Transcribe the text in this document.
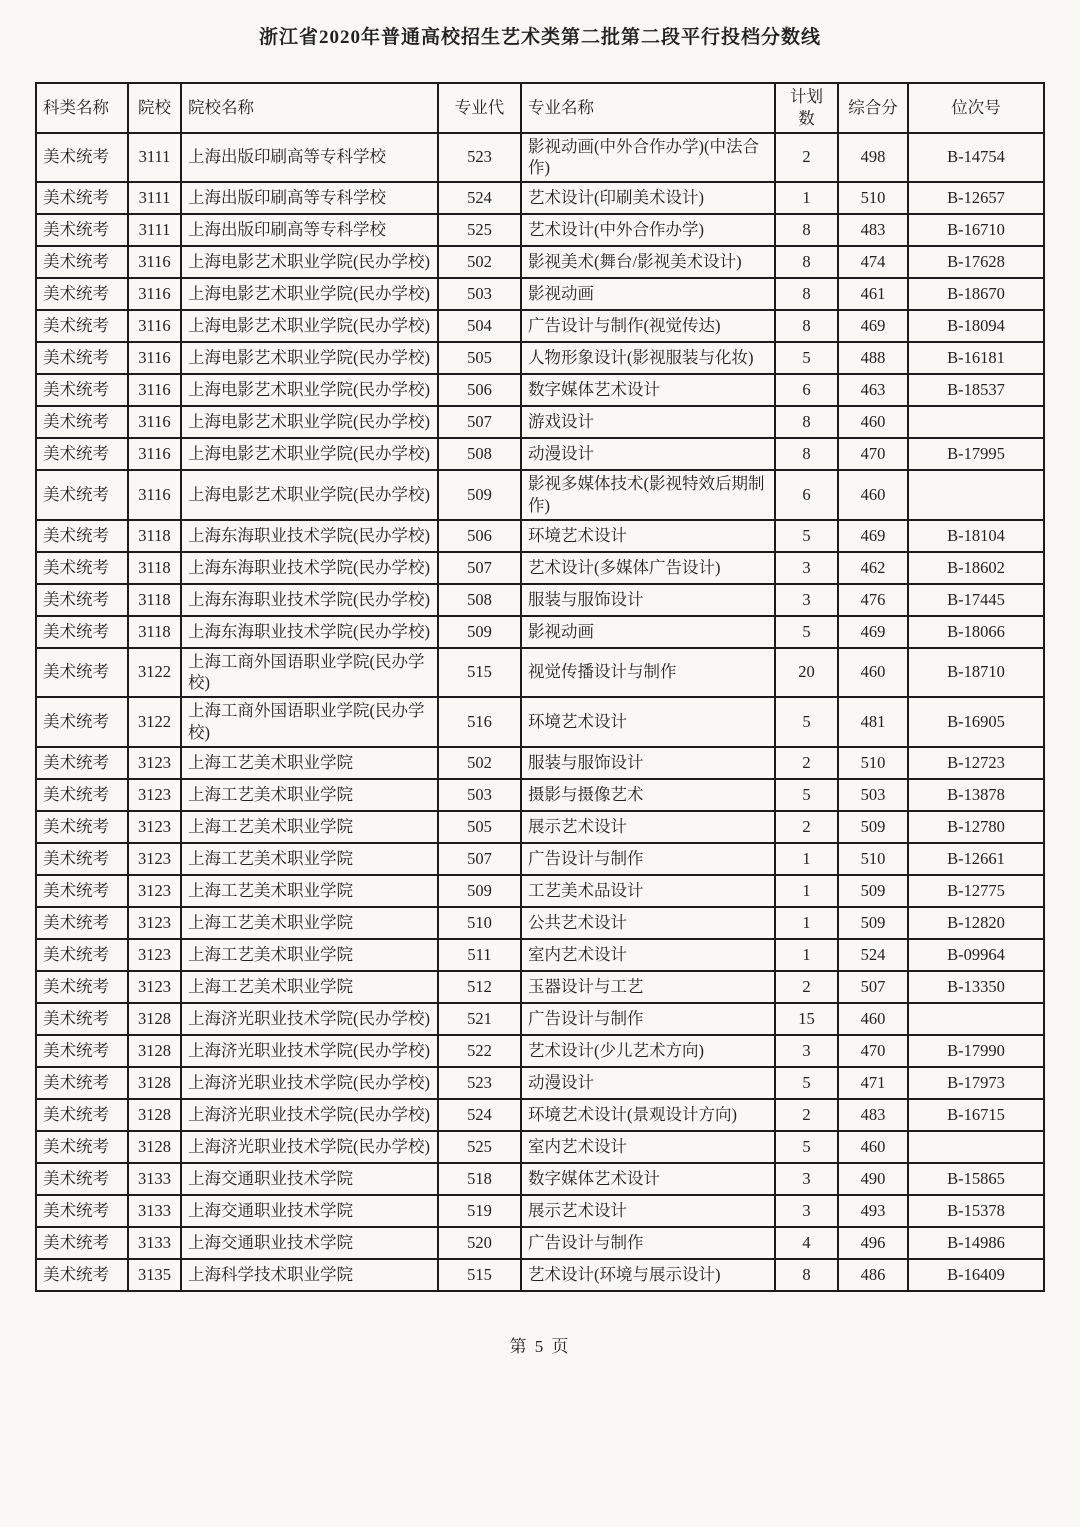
浙江省2020年普通高校招生艺术类第二批第二段平行投档分数线
科类名称	院校	院校名称	专业代	专业名称	计划数	综合分	位次号
美术统考	3111	上海出版印刷高等专科学校	523	影视动画(中外合作办学)(中法合作)	2	498	B-14754
美术统考	3111	上海出版印刷高等专科学校	524	艺术设计(印刷美术设计)	1	510	B-12657
美术统考	3111	上海出版印刷高等专科学校	525	艺术设计(中外合作办学)	8	483	B-16710
美术统考	3116	上海电影艺术职业学院(民办学校)	502	影视美术(舞台/影视美术设计)	8	474	B-17628
美术统考	3116	上海电影艺术职业学院(民办学校)	503	影视动画	8	461	B-18670
美术统考	3116	上海电影艺术职业学院(民办学校)	504	广告设计与制作(视觉传达)	8	469	B-18094
美术统考	3116	上海电影艺术职业学院(民办学校)	505	人物形象设计(影视服装与化妆)	5	488	B-16181
美术统考	3116	上海电影艺术职业学院(民办学校)	506	数字媒体艺术设计	6	463	B-18537
美术统考	3116	上海电影艺术职业学院(民办学校)	507	游戏设计	8	460	
美术统考	3116	上海电影艺术职业学院(民办学校)	508	动漫设计	8	470	B-17995
美术统考	3116	上海电影艺术职业学院(民办学校)	509	影视多媒体技术(影视特效后期制作)	6	460	
美术统考	3118	上海东海职业技术学院(民办学校)	506	环境艺术设计	5	469	B-18104
美术统考	3118	上海东海职业技术学院(民办学校)	507	艺术设计(多媒体广告设计)	3	462	B-18602
美术统考	3118	上海东海职业技术学院(民办学校)	508	服装与服饰设计	3	476	B-17445
美术统考	3118	上海东海职业技术学院(民办学校)	509	影视动画	5	469	B-18066
美术统考	3122	上海工商外国语职业学院(民办学校)	515	视觉传播设计与制作	20	460	B-18710
美术统考	3122	上海工商外国语职业学院(民办学校)	516	环境艺术设计	5	481	B-16905
美术统考	3123	上海工艺美术职业学院	502	服装与服饰设计	2	510	B-12723
美术统考	3123	上海工艺美术职业学院	503	摄影与摄像艺术	5	503	B-13878
美术统考	3123	上海工艺美术职业学院	505	展示艺术设计	2	509	B-12780
美术统考	3123	上海工艺美术职业学院	507	广告设计与制作	1	510	B-12661
美术统考	3123	上海工艺美术职业学院	509	工艺美术品设计	1	509	B-12775
美术统考	3123	上海工艺美术职业学院	510	公共艺术设计	1	509	B-12820
美术统考	3123	上海工艺美术职业学院	511	室内艺术设计	1	524	B-09964
美术统考	3123	上海工艺美术职业学院	512	玉器设计与工艺	2	507	B-13350
美术统考	3128	上海济光职业技术学院(民办学校)	521	广告设计与制作	15	460	
美术统考	3128	上海济光职业技术学院(民办学校)	522	艺术设计(少儿艺术方向)	3	470	B-17990
美术统考	3128	上海济光职业技术学院(民办学校)	523	动漫设计	5	471	B-17973
美术统考	3128	上海济光职业技术学院(民办学校)	524	环境艺术设计(景观设计方向)	2	483	B-16715
美术统考	3128	上海济光职业技术学院(民办学校)	525	室内艺术设计	5	460	
美术统考	3133	上海交通职业技术学院	518	数字媒体艺术设计	3	490	B-15865
美术统考	3133	上海交通职业技术学院	519	展示艺术设计	3	493	B-15378
美术统考	3133	上海交通职业技术学院	520	广告设计与制作	4	496	B-14986
美术统考	3135	上海科学技术职业学院	515	艺术设计(环境与展示设计)	8	486	B-16409
第 5 页
